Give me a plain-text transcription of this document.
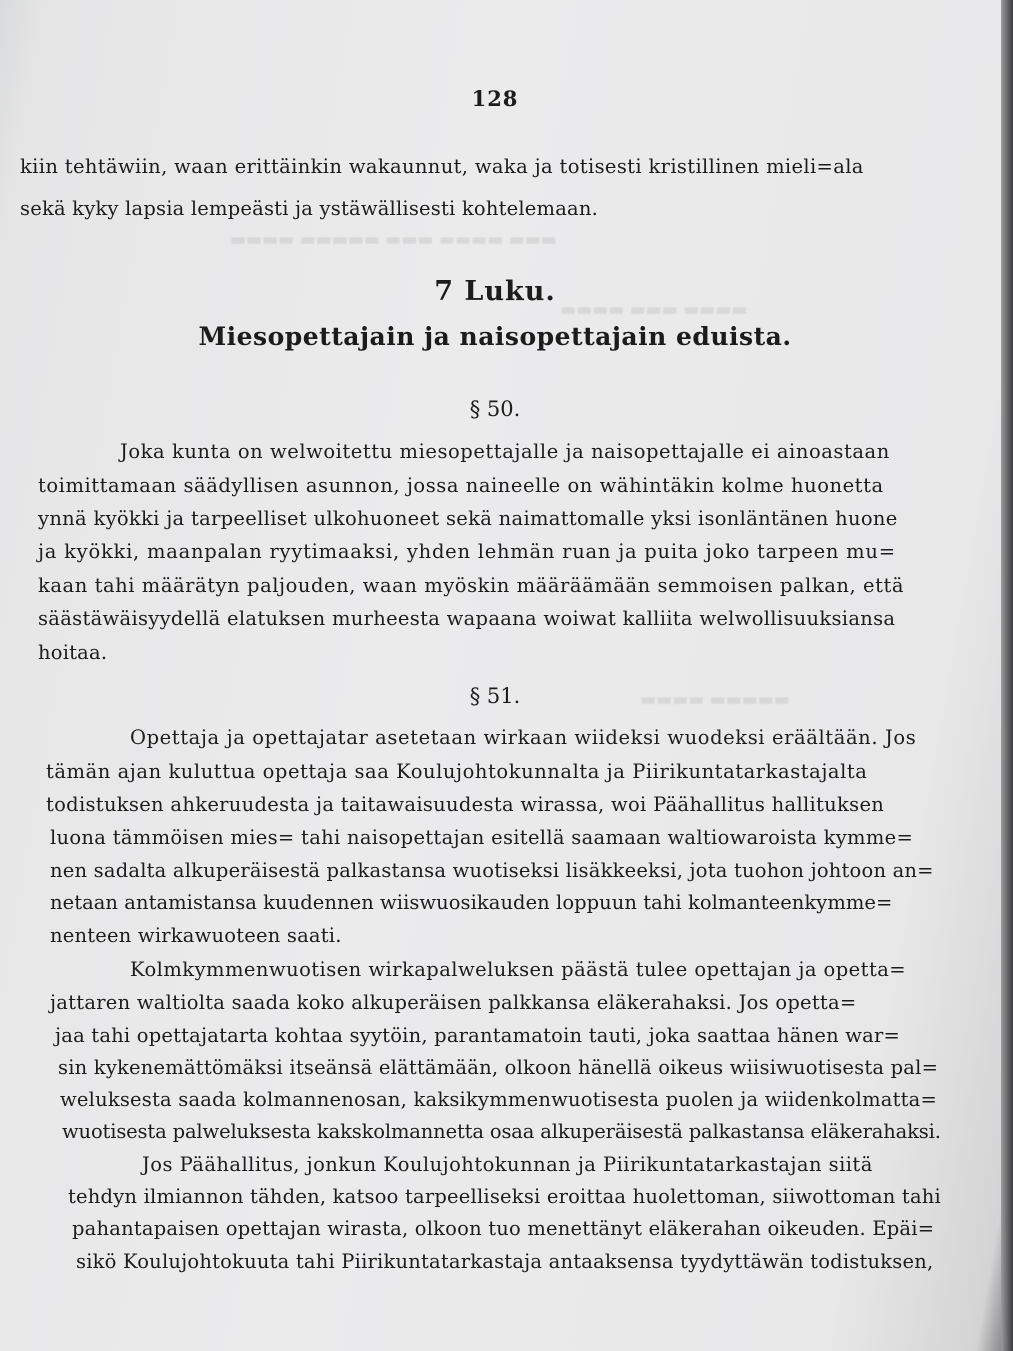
128
kiin tehtäwiin, waan erittäinkin wakaunnut, waka ja totisesti kristillinen mieli=ala
sekä kyky lapsia lempeästi ja ystäwällisesti kohtelemaan.
7 Luku.
Miesopettajain ja naisopettajain eduista.
§ 50.
Joka kunta on welwoitettu miesopettajalle ja naisopettajalle ei ainoastaan
toimittamaan säädyllisen asunnon, jossa naineelle on wähintäkin kolme huonetta
ynnä kyökki ja tarpeelliset ulkohuoneet sekä naimattomalle yksi isonläntänen huone
ja kyökki, maanpalan ryytimaaksi, yhden lehmän ruan ja puita joko tarpeen mu=
kaan tahi määrätyn paljouden, waan myöskin määräämään semmoisen palkan, että
säästäwäisyydellä elatuksen murheesta wapaana woiwat kalliita welwollisuuksiansa
hoitaa.
§ 51.
Opettaja ja opettajatar asetetaan wirkaan wiideksi wuodeksi eräältään. Jos
tämän ajan kuluttua opettaja saa Koulujohtokunnalta ja Piirikuntatarkastajalta
todistuksen ahkeruudesta ja taitawaisuudesta wirassa, woi Päähallitus hallituksen
luona tämmöisen mies= tahi naisopettajan esitellä saamaan waltiowaroista kymme=
nen sadalta alkuperäisestä palkastansa wuotiseksi lisäkkeeksi, jota tuohon johtoon an=
netaan antamistansa kuudennen wiiswuosikauden loppuun tahi kolmanteenkymme=
nenteen wirkawuoteen saati.
Kolmkymmenwuotisen wirkapalweluksen päästä tulee opettajan ja opetta=
jattaren waltiolta saada koko alkuperäisen palkkansa eläkerahaksi. Jos opetta=
jaa tahi opettajatarta kohtaa syytöin, parantamatoin tauti, joka saattaa hänen war=
sin kykenemättömäksi itseänsä elättämään, olkoon hänellä oikeus wiisiwuotisesta pal=
weluksesta saada kolmannenosan, kaksikymmenwuotisesta puolen ja wiidenkolmatta=
wuotisesta palweluksesta kakskolmannetta osaa alkuperäisestä palkastansa eläkerahaksi.
Jos Päähallitus, jonkun Koulujohtokunnan ja Piirikuntatarkastajan siitä
tehdyn ilmiannon tähden, katsoo tarpeelliseksi eroittaa huolettoman, siiwottoman tahi
pahantapaisen opettajan wirasta, olkoon tuo menettänyt eläkerahan oikeuden. Epäi=
sikö Koulujohtokuuta tahi Piirikuntatarkastaja antaaksensa tyydyttäwän todistuksen,
▬▬▬ ▬▬▬▬ ▬▬▬ ▬▬▬▬▬ ▬▬▬▬
▬▬▬▬ ▬▬▬ ▬▬▬▬
▬▬▬▬▬ ▬▬▬▬
